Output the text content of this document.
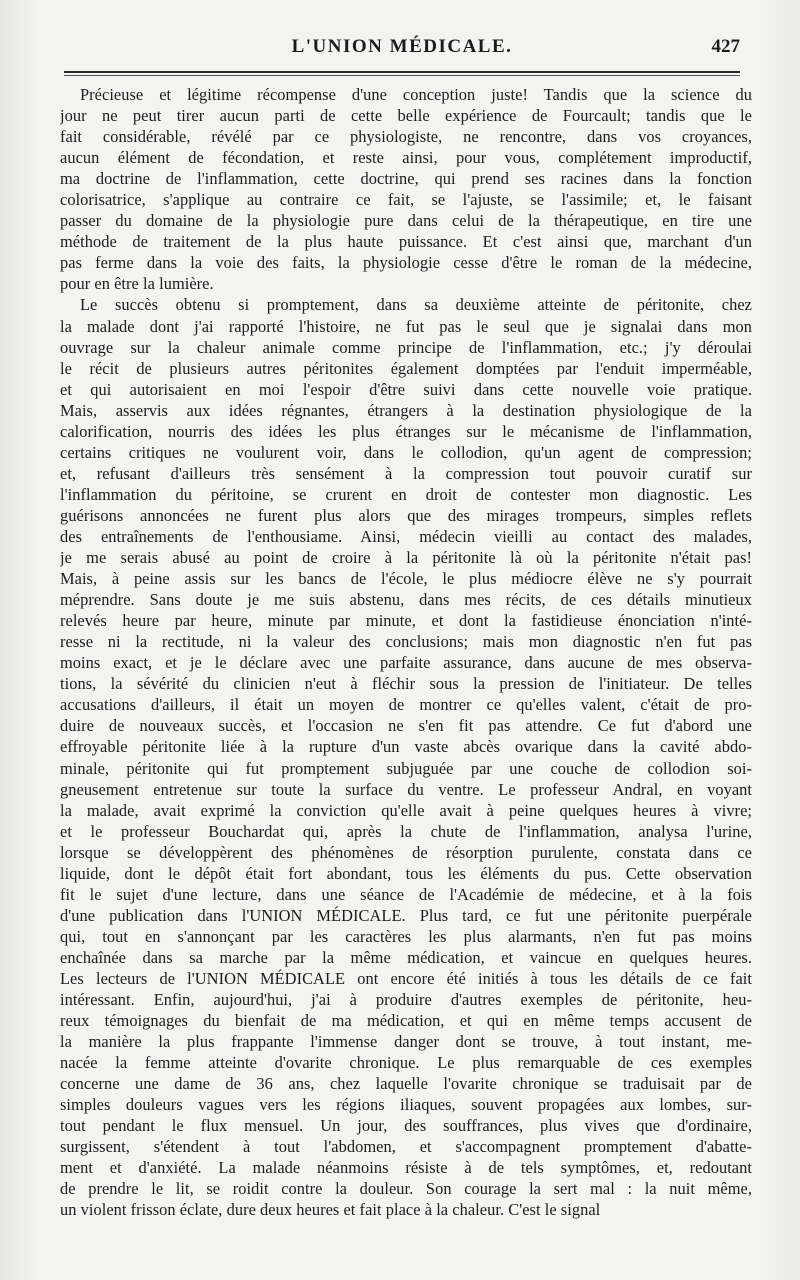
L'UNION MÉDICALE.	427
Précieuse et légitime récompense d'une conception juste! Tandis que la science du
jour ne peut tirer aucun parti de cette belle expérience de Fourcault; tandis que le
fait considérable, révélé par ce physiologiste, ne rencontre, dans vos croyances,
aucun élément de fécondation, et reste ainsi, pour vous, complétement improductif,
ma doctrine de l'inflammation, cette doctrine, qui prend ses racines dans la fonction
colorisatrice, s'applique au contraire ce fait, se l'ajuste, se l'assimile; et, le faisant
passer du domaine de la physiologie pure dans celui de la thérapeutique, en tire une
méthode de traitement de la plus haute puissance. Et c'est ainsi que, marchant d'un
pas ferme dans la voie des faits, la physiologie cesse d'être le roman de la médecine,
pour en être la lumière.
Le succès obtenu si promptement, dans sa deuxième atteinte de péritonite, chez
la malade dont j'ai rapporté l'histoire, ne fut pas le seul que je signalai dans mon
ouvrage sur la chaleur animale comme principe de l'inflammation, etc.; j'y déroulai
le récit de plusieurs autres péritonites également domptées par l'enduit imperméable,
et qui autorisaient en moi l'espoir d'être suivi dans cette nouvelle voie pratique.
Mais, asservis aux idées régnantes, étrangers à la destination physiologique de la
calorification, nourris des idées les plus étranges sur le mécanisme de l'inflammation,
certains critiques ne voulurent voir, dans le collodion, qu'un agent de compression;
et, refusant d'ailleurs très sensément à la compression tout pouvoir curatif sur
l'inflammation du péritoine, se crurent en droit de contester mon diagnostic. Les
guérisons annoncées ne furent plus alors que des mirages trompeurs, simples reflets
des entraînements de l'enthousiame. Ainsi, médecin vieilli au contact des malades,
je me serais abusé au point de croire à la péritonite là où la péritonite n'était pas!
Mais, à peine assis sur les bancs de l'école, le plus médiocre élève ne s'y pourrait
méprendre. Sans doute je me suis abstenu, dans mes récits, de ces détails minutieux
relevés heure par heure, minute par minute, et dont la fastidieuse énonciation n'inté-
resse ni la rectitude, ni la valeur des conclusions; mais mon diagnostic n'en fut pas
moins exact, et je le déclare avec une parfaite assurance, dans aucune de mes observa-
tions, la sévérité du clinicien n'eut à fléchir sous la pression de l'initiateur. De telles
accusations d'ailleurs, il était un moyen de montrer ce qu'elles valent, c'était de pro-
duire de nouveaux succès, et l'occasion ne s'en fit pas attendre. Ce fut d'abord une
effroyable péritonite liée à la rupture d'un vaste abcès ovarique dans la cavité abdo-
minale, péritonite qui fut promptement subjuguée par une couche de collodion soi-
gneusement entretenue sur toute la surface du ventre. Le professeur Andral, en voyant
la malade, avait exprimé la conviction qu'elle avait à peine quelques heures à vivre;
et le professeur Bouchardat qui, après la chute de l'inflammation, analysa l'urine,
lorsque se développèrent des phénomènes de résorption purulente, constata dans ce
liquide, dont le dépôt était fort abondant, tous les éléments du pus. Cette observation
fit le sujet d'une lecture, dans une séance de l'Académie de médecine, et à la fois
d'une publication dans l'UNION MÉDICALE. Plus tard, ce fut une péritonite puerpérale
qui, tout en s'annonçant par les caractères les plus alarmants, n'en fut pas moins
enchaînée dans sa marche par la même médication, et vaincue en quelques heures.
Les lecteurs de l'UNION MÉDICALE ont encore été initiés à tous les détails de ce fait
intéressant. Enfin, aujourd'hui, j'ai à produire d'autres exemples de péritonite, heu-
reux témoignages du bienfait de ma médication, et qui en même temps accusent de
la manière la plus frappante l'immense danger dont se trouve, à tout instant, me-
nacée la femme atteinte d'ovarite chronique. Le plus remarquable de ces exemples
concerne une dame de 36 ans, chez laquelle l'ovarite chronique se traduisait par de
simples douleurs vagues vers les régions iliaques, souvent propagées aux lombes, sur-
tout pendant le flux mensuel. Un jour, des souffrances, plus vives que d'ordinaire,
surgissent, s'étendent à tout l'abdomen, et s'accompagnent promptement d'abatte-
ment et d'anxiété. La malade néanmoins résiste à de tels symptômes, et, redoutant
de prendre le lit, se roidit contre la douleur. Son courage la sert mal : la nuit même,
un violent frisson éclate, dure deux heures et fait place à la chaleur. C'est le signal
